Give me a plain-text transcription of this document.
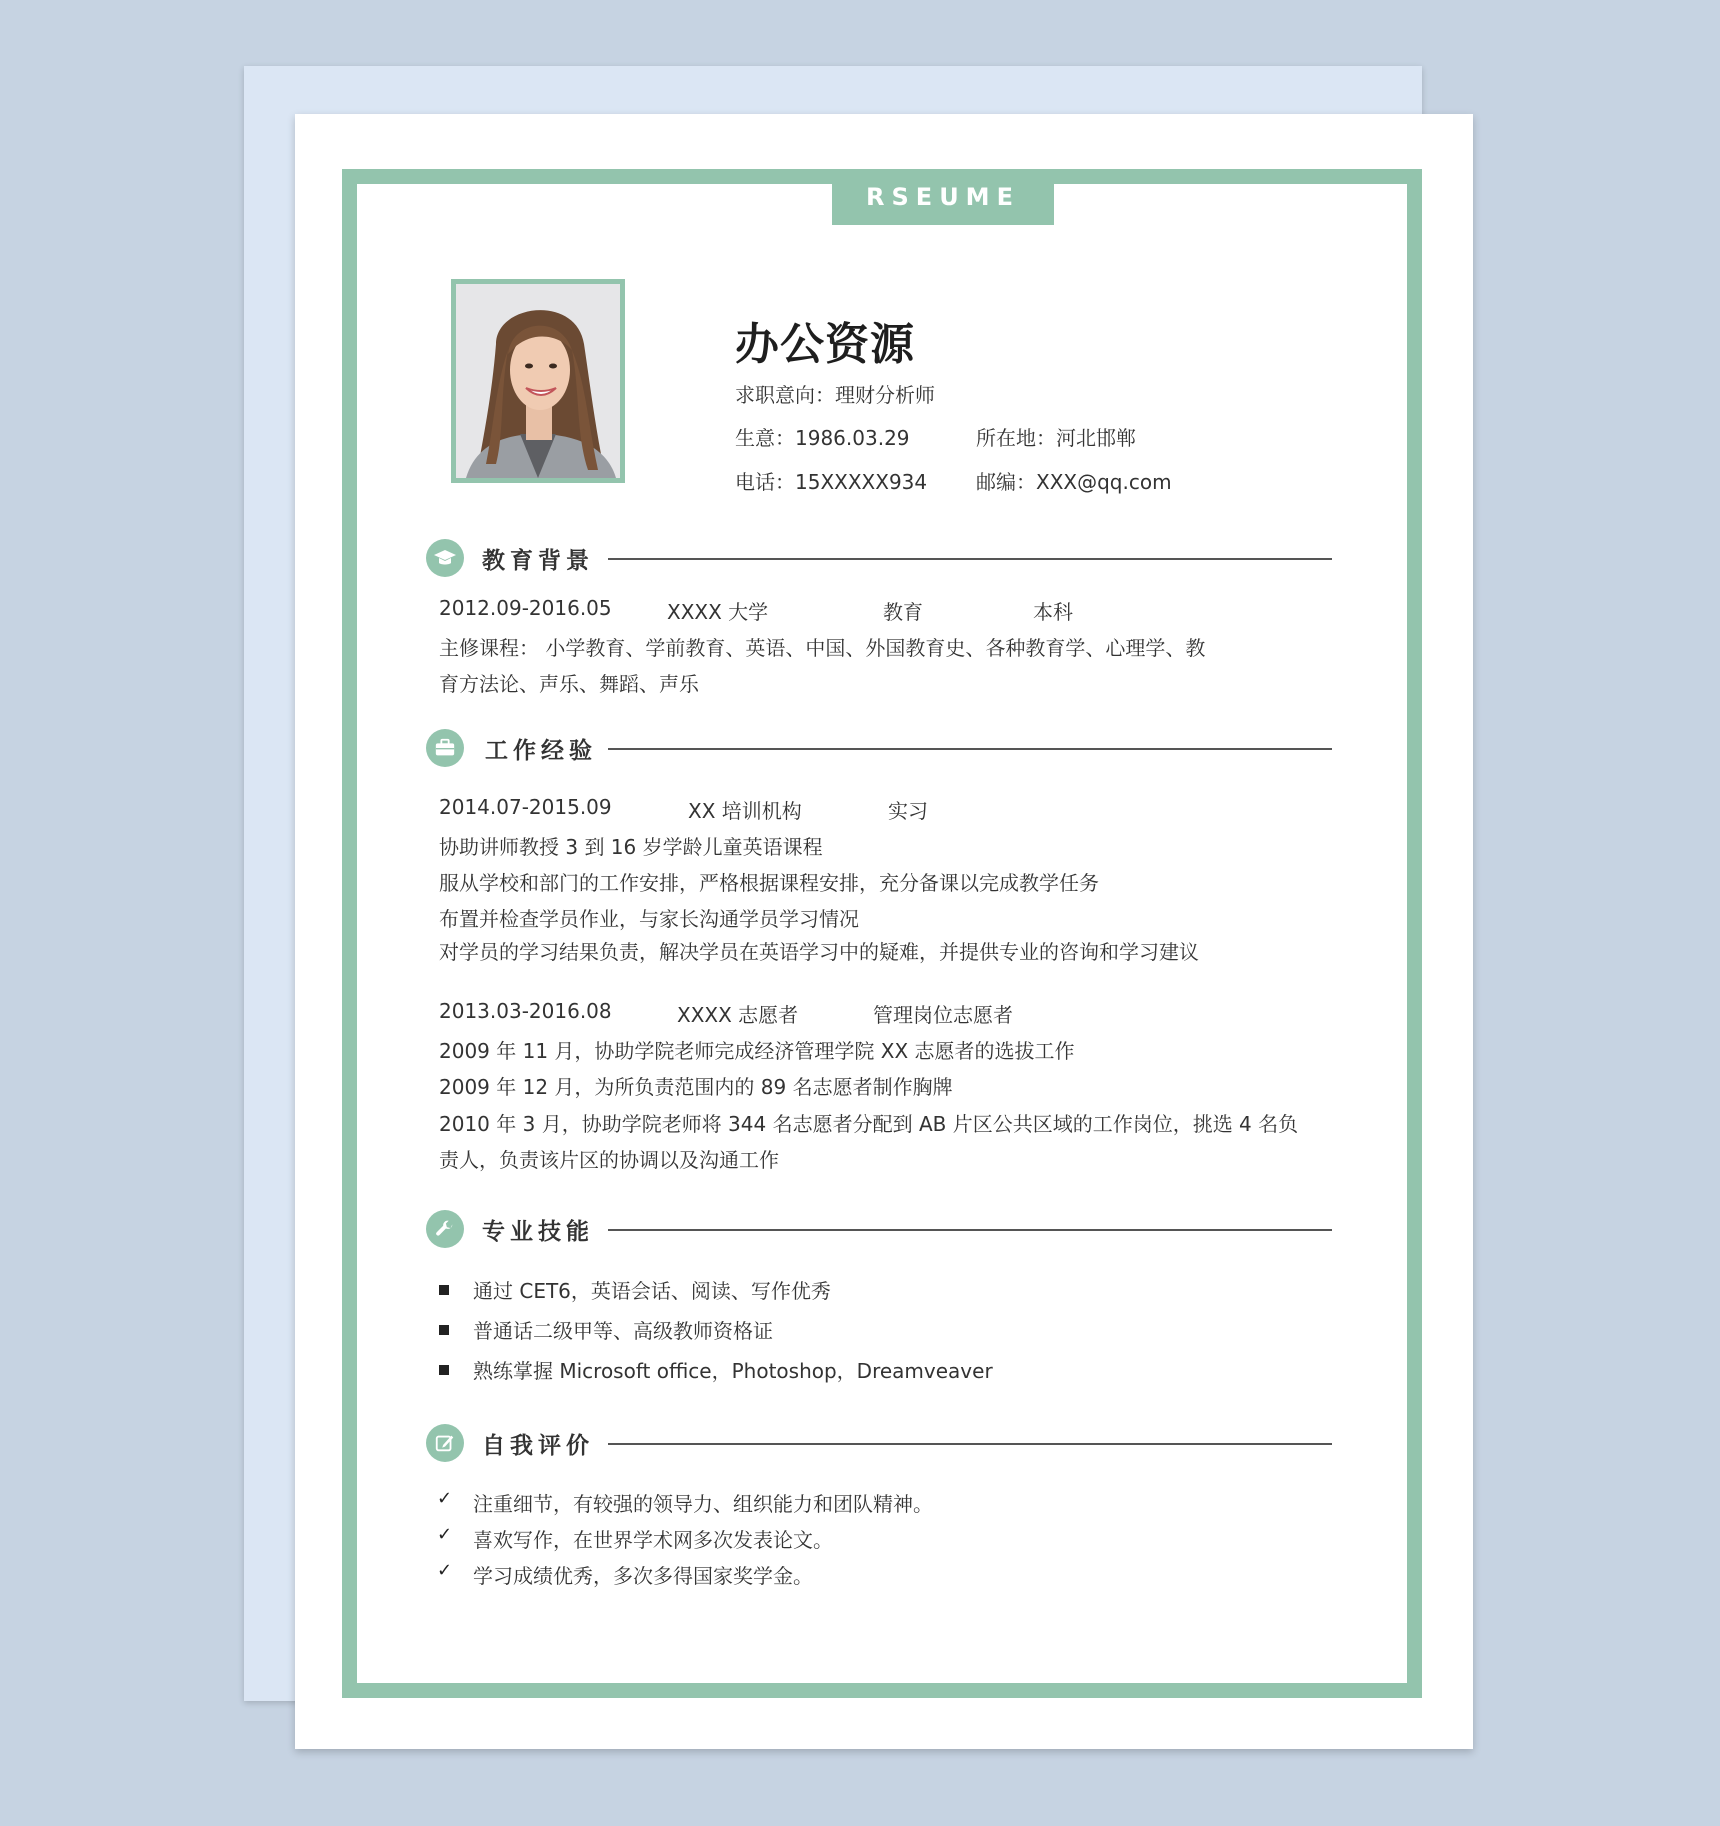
RSEUME
办公资源
求职意向 ： 理财分析师
生意 ： 1986.03.29	所在地 ： 河北邯郸
电话 ： 15XXXXX934 邮编 ： XXX@qq.com
教育背景
2012.09-2016.05	XXXX 大学	教育	本科
主修课程： 小学教育、学前教育、英语、中国、外国教育史、各种教育学、心理学、教
育方法论、声乐、舞蹈、声乐
工作经验
2014.07-2015.09	XX 培训机构	实习
协助讲师教授 3 到 16 岁学龄儿童英语课程
服从学校和部门的工作安排，严格根据课程安排，充分备课以完成教学任务
布置并检查学员作业，与家长沟通学员学习情况
对学员的学习结果负责，解决学员在英语学习中的疑难，并提供专业的咨询和学习建议
2013.03-2016.08	XXXX 志愿者	管理岗位志愿者
2009 年 11 月，协助学院老师完成经济管理学院 XX 志愿者的选拔工作
2009 年 12 月，为所负责范围内的 89 名志愿者制作胸牌
2010 年 3 月，协助学院老师将 344 名志愿者分配到 AB 片区公共区域的工作岗位，挑选 4 名负
责人，负责该片区的协调以及沟通工作
专业技能
通过 CET6，英语会话、阅读、写作优秀
普通话二级甲等、高级教师资格证
熟练掌握 Microsoft office，Photoshop，Dreamveaver
自我评价
✓ 注重细节，有较强的领导力、组织能力和团队精神。
✓ 喜欢写作，在世界学术网多次发表论文。
✓ 学习成绩优秀，多次多得国家奖学金。
